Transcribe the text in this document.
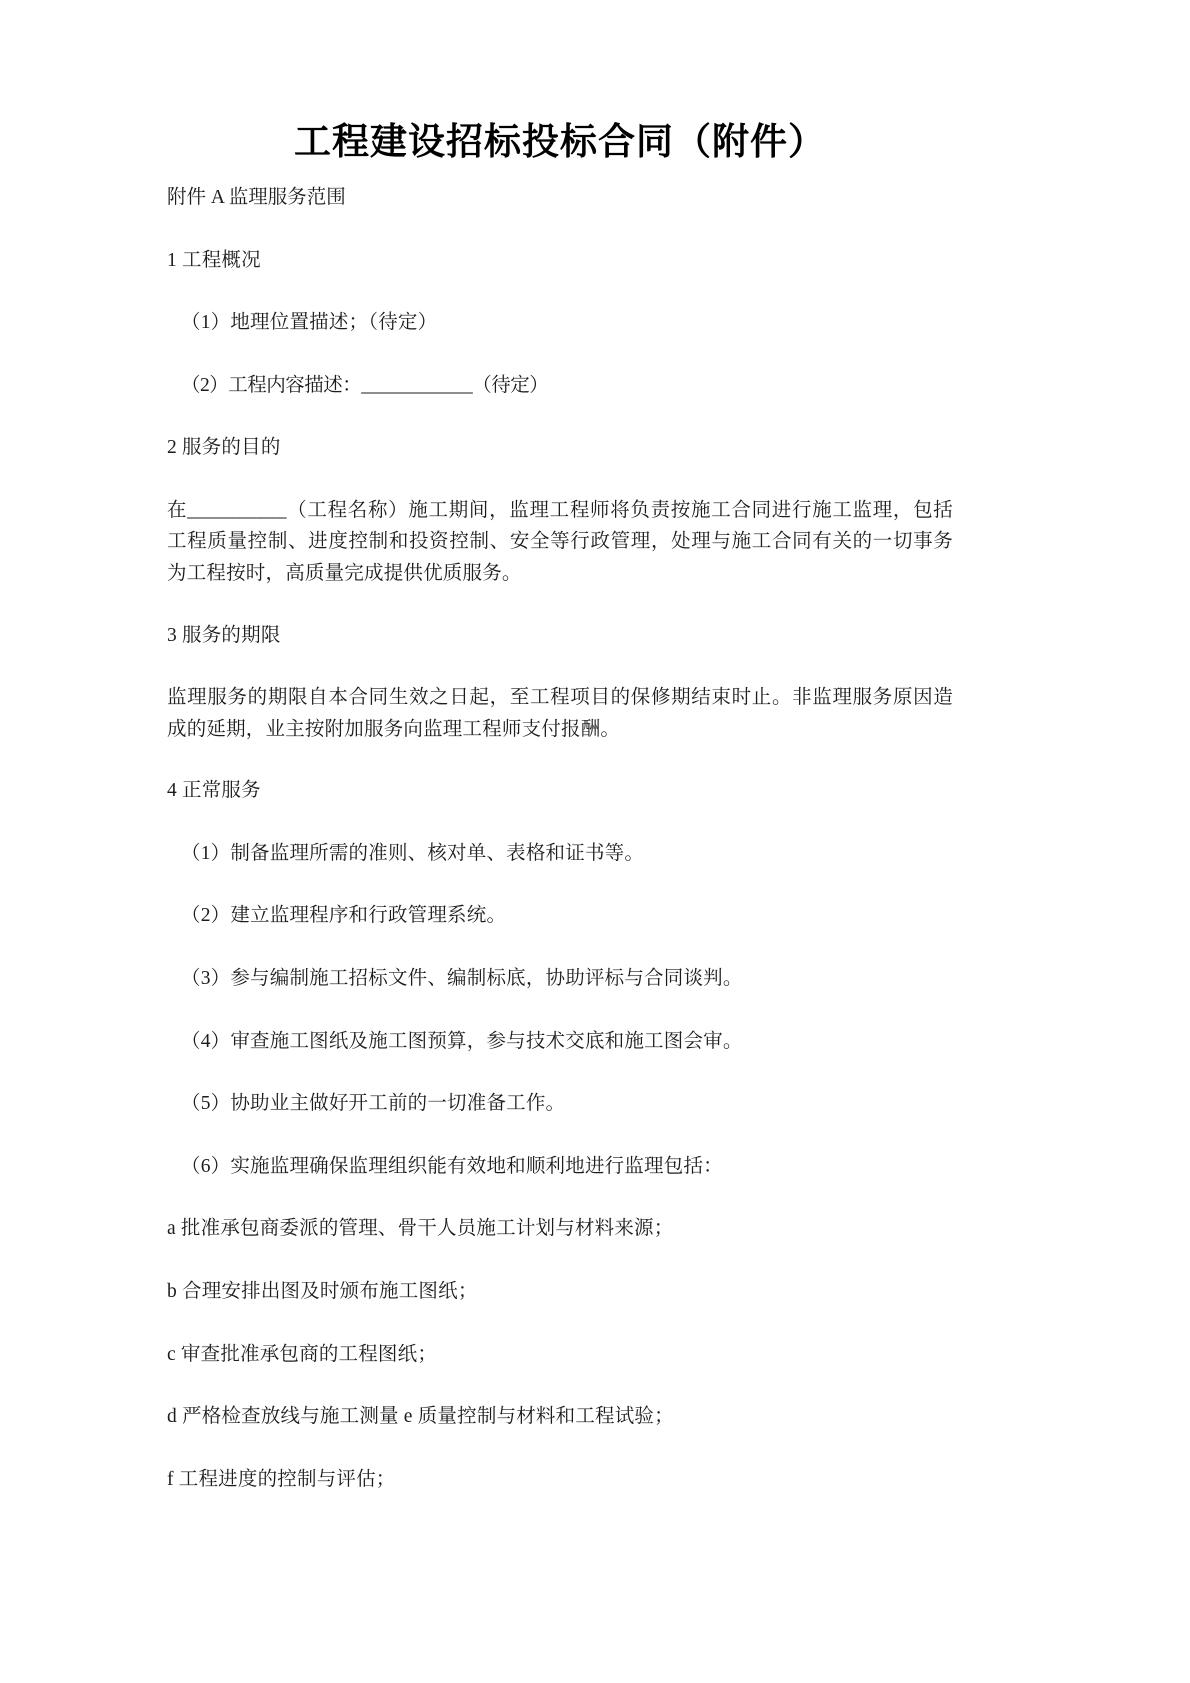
工程建设招标投标合同（附件）

附件 A 监理服务范围

1 工程概况

（1）地理位置描述；（待定）

（2）工程内容描述：____________（待定）

2 服务的目的

在__________（工程名称）施工期间，监理工程师将负责按施工合同进行施工监理，包括工程质量控制、进度控制和投资控制、安全等行政管理，处理与施工合同有关的一切事务为工程按时，高质量完成提供优质服务。

3 服务的期限

监理服务的期限自本合同生效之日起，至工程项目的保修期结束时止。非监理服务原因造成的延期，业主按附加服务向监理工程师支付报酬。

4 正常服务

（1）制备监理所需的准则、核对单、表格和证书等。

（2）建立监理程序和行政管理系统。

（3）参与编制施工招标文件、编制标底，协助评标与合同谈判。

（4）审查施工图纸及施工图预算，参与技术交底和施工图会审。

（5）协助业主做好开工前的一切准备工作。

（6）实施监理确保监理组织能有效地和顺利地进行监理包括：

a 批准承包商委派的管理、骨干人员施工计划与材料来源；

b 合理安排出图及时颁布施工图纸；

c 审查批准承包商的工程图纸；

d 严格检查放线与施工测量 e 质量控制与材料和工程试验；

f 工程进度的控制与评估；
